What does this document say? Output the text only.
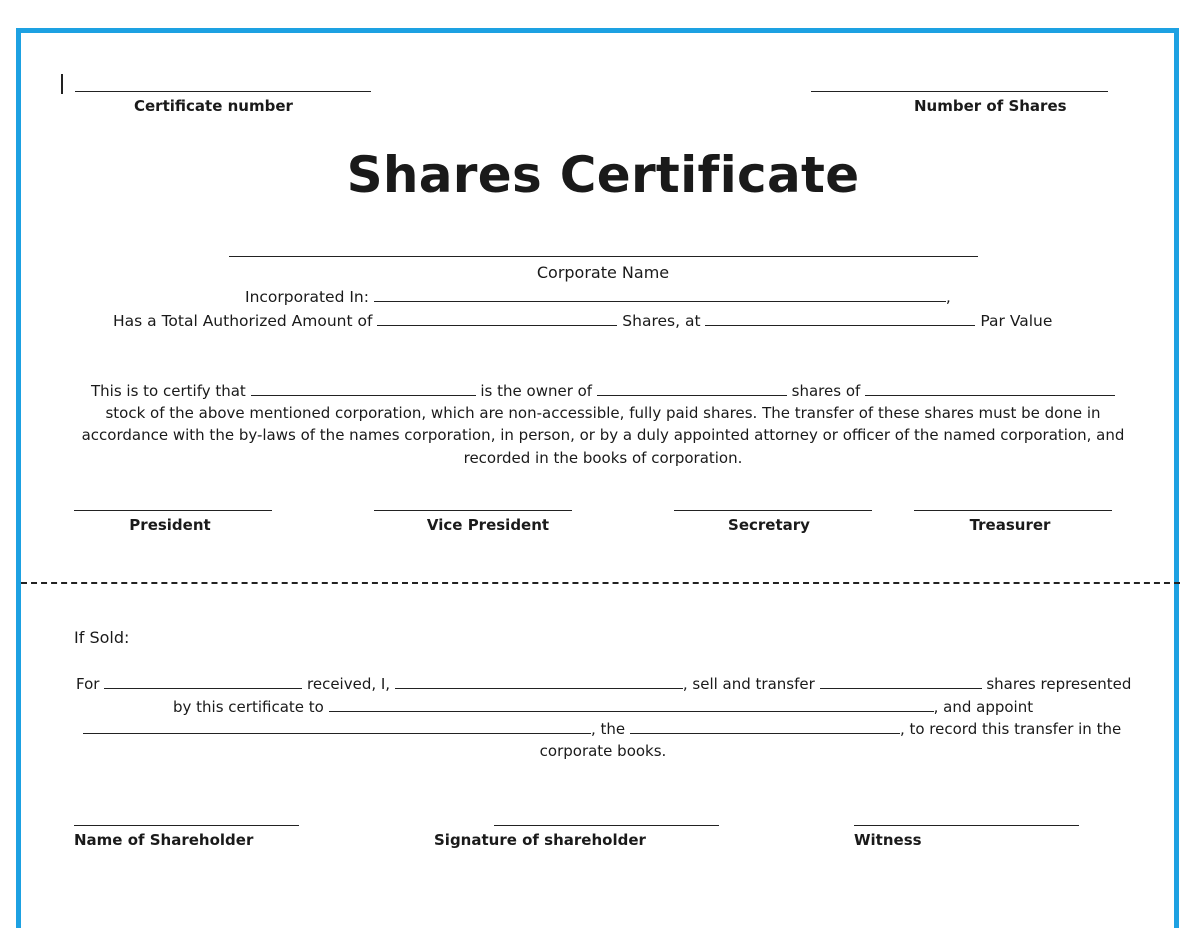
Certificate number	Number of Shares
Shares Certificate
Corporate Name
Incorporated In:	,
Has a Total Authorized Amount of	Shares, at	Par Value
This is to certify that	is the owner of	shares of
stock of the above mentioned corporation, which are non-accessible, fully paid shares. The transfer of these shares must be done in
accordance with the by-laws of the names corporation, in person, or by a duly appointed attorney or officer of the named corporation, and
recorded in the books of corporation.
President	Vice President	Secretary	Treasurer
If Sold:
For	received, I,	, sell and transfer	shares represented
by this certificate to	, and appoint
, the	, to record this transfer in the
corporate books.
Name of Shareholder	Signature of shareholder	Witness
